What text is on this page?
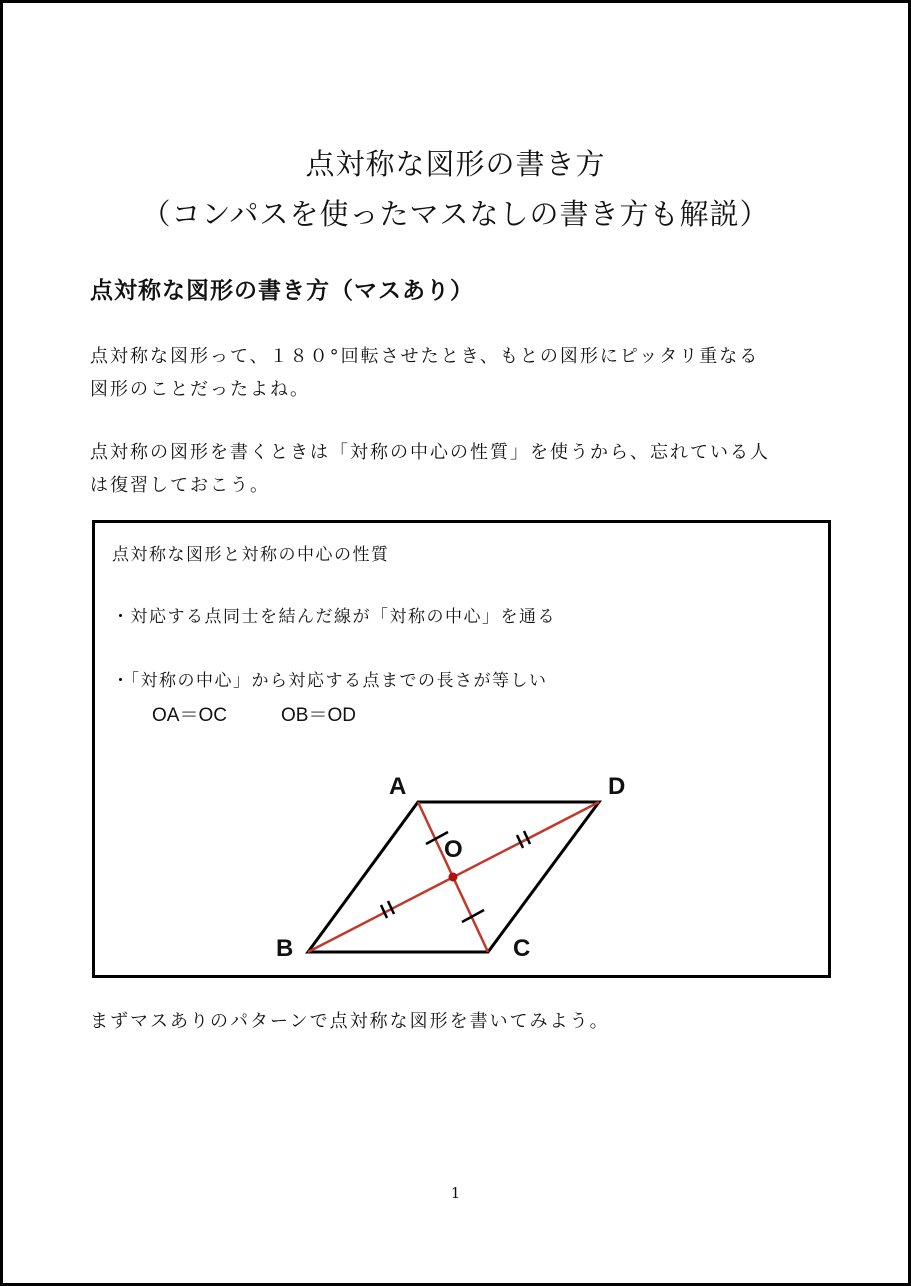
点対称な図形の書き方
（コンパスを使ったマスなしの書き方も解説）
点対称な図形の書き方（マスあり）
点対称な図形って、１８０°回転させたとき、もとの図形にピッタリ重なる
図形のことだったよね。
点対称の図形を書くときは「対称の中心の性質」を使うから、忘れている人
は復習しておこう。
点対称な図形と対称の中心の性質
・対応する点同士を結んだ線が「対称の中心」を通る
・「対称の中心」から対応する点までの長さが等しい
OA＝OC	OB＝OD
A	D
O
B	C
まずマスありのパターンで点対称な図形を書いてみよう。
1
